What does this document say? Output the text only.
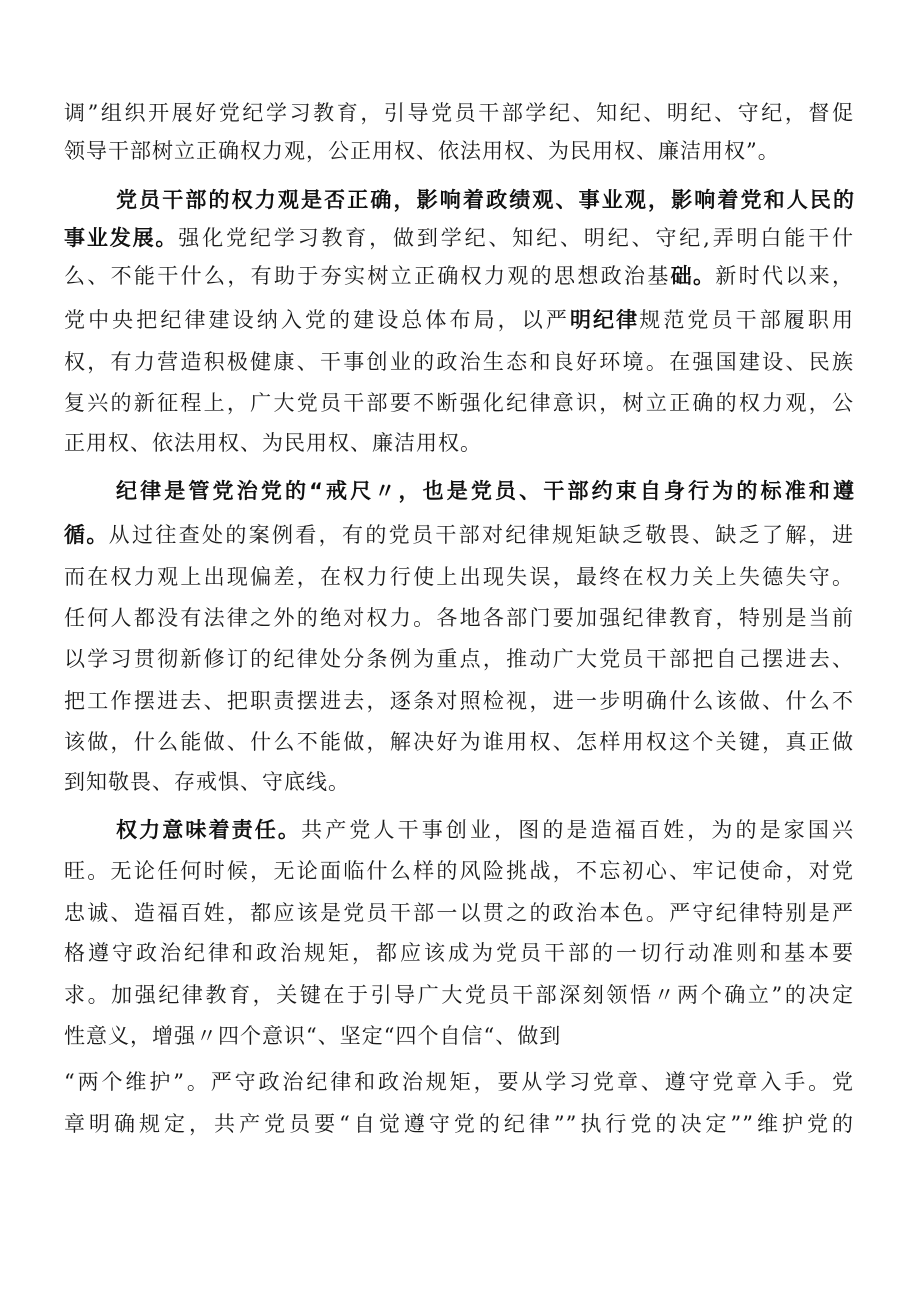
调”组织开展好党纪学习教育，引导党员干部学纪、知纪、明纪、守纪，督促
领导干部树立正确权力观，公正用权、依法用权、为民用权、廉洁用权”。
党员干部的权力观是否正确，影响着政绩观、事业观，影响着党和人民的
事业发展。强化党纪学习教育，做到学纪、知纪、明纪、守纪,弄明白能干什
么、不能干什么，有助于夯实树立正确权力观的思想政治基础。新时代以来，
党中央把纪律建设纳入党的建设总体布局，以严明纪律规范党员干部履职用
权，有力营造积极健康、干事创业的政治生态和良好环境。在强国建设、民族
复兴的新征程上，广大党员干部要不断强化纪律意识，树立正确的权力观，公
正用权、依法用权、为民用权、廉洁用权。
纪律是管党治党的“戒尺〃，也是党员、干部约束自身行为的标准和遵
循。从过往查处的案例看，有的党员干部对纪律规矩缺乏敬畏、缺乏了解，进
而在权力观上出现偏差，在权力行使上出现失误，最终在权力关上失德失守。
任何人都没有法律之外的绝对权力。各地各部门要加强纪律教育，特别是当前
以学习贯彻新修订的纪律处分条例为重点，推动广大党员干部把自己摆进去、
把工作摆进去、把职责摆进去，逐条对照检视，进一步明确什么该做、什么不
该做，什么能做、什么不能做，解决好为谁用权、怎样用权这个关键，真正做
到知敬畏、存戒惧、守底线。
权力意味着责任。共产党人干事创业，图的是造福百姓，为的是家国兴
旺。无论任何时候，无论面临什么样的风险挑战，不忘初心、牢记使命，对党
忠诚、造福百姓，都应该是党员干部一以贯之的政治本色。严守纪律特别是严
格遵守政治纪律和政治规矩，都应该成为党员干部的一切行动准则和基本要
求。加强纪律教育，关键在于引导广大党员干部深刻领悟〃两个确立”的决定
性意义，增强〃四个意识“、坚定“四个自信“、做到
“两个维护”。严守政治纪律和政治规矩，要从学习党章、遵守党章入手。党
章明确规定，共产党员要“自觉遵守党的纪律””执行党的决定””维护党的
